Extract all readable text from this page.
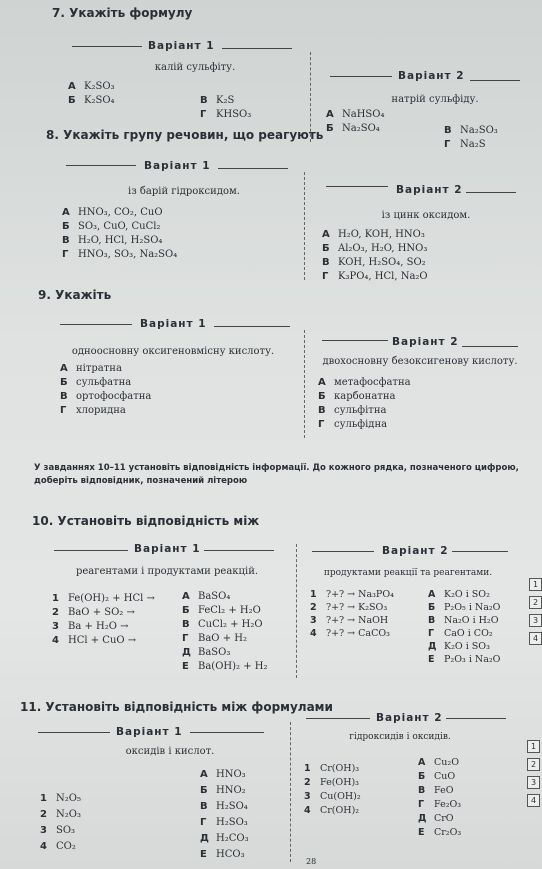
7. Укажіть формулу
Варіант 1
калій сульфіту.
А K₂SO₃
Б K₂SO₄	В K₂S
Г KHSO₃
Варіант 2
натрій сульфіду.
А NaHSO₄
Б Na₂SO₄	В Na₂SO₃
Г Na₂S
8. Укажіть групу речовин, що реагують
Варіант 1
із барій гідроксидом.
А HNO₃, CO₂, CuO
Б SO₃, CuO, CuCl₂
В H₂O, HCl, H₂SO₄
Г HNO₃, SO₃, Na₂SO₄
Варіант 2
із цинк оксидом.
А H₂O, KOH, HNO₃
Б Al₂O₃, H₂O, HNO₃
В KOH, H₂SO₄, SO₂
Г K₃PO₄, HCl, Na₂O
9. Укажіть
Варіант 1
одноосновну оксигеновмісну кислоту.
А нітратна
Б сульфатна
В ортофосфатна
Г хлоридна
Варіант 2
двохосновну безоксигенову кислоту.
А метафосфатна
Б карбонатна
В сульфітна
Г сульфідна
У завданнях 10–11 установіть відповідність інформації. До кожного рядка, позначеного цифрою,
доберіть відповідник, позначений літерою
10. Установіть відповідність між
Варіант 1
реагентами і продуктами реакцій.
1 Fe(OH)₂ + HCl →
2 BaO + SO₂ →
3 Ba + H₂O →
4 HCl + CuO →
А BaSO₄
Б FeCl₂ + H₂O
В CuCl₂ + H₂O
Г BaO + H₂
Д BaSO₃
Е Ba(OH)₂ + H₂
Варіант 2
продуктами реакції та реагентами.
1 ?+? → Na₃PO₄
2 ?+? → K₂SO₃
3 ?+? → NaOH
4 ?+? → CaCO₃
А K₂O і SO₂
Б P₂O₅ і Na₂O
В Na₂O і H₂O
Г CaO і CO₂
Д K₂O і SO₃
Е P₂O₃ і Na₂O
1
2
3
4
11. Установіть відповідність між формулами
Варіант 1
оксидів і кислот.
1 N₂O₅
2 N₂O₃
3 SO₃
4 CO₂
А HNO₃
Б HNO₂
В H₂SO₄
Г H₂SO₃
Д H₂CO₃
Е HCO₃
Варіант 2
гідроксидів і оксидів.
1 Cr(OH)₃
2 Fe(OH)₃
3 Cu(OH)₂
4 Cr(OH)₂
А Cu₂O
Б CuO
В FeO
Г Fe₂O₃
Д CrO
Е Cr₂O₃
1
2
3
4
28
